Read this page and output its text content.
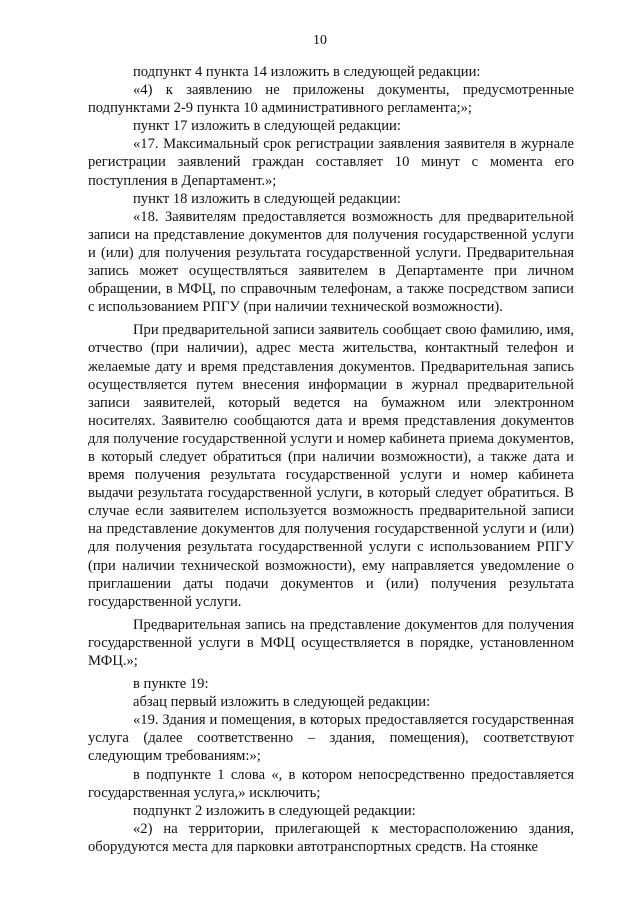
10

подпункт 4 пункта 14 изложить в следующей редакции:

«4) к заявлению не приложены документы, предусмотренные подпунктами 2-9 пункта 10 административного регламента;»;

пункт 17 изложить в следующей редакции:

«17. Максимальный срок регистрации заявления заявителя в журнале регистрации заявлений граждан составляет 10 минут с момента его поступления в Департамент.»;

пункт 18 изложить в следующей редакции:

«18. Заявителям предоставляется возможность для предварительной записи на представление документов для получения государственной услуги и (или) для получения результата государственной услуги. Предварительная запись может осуществляться заявителем в Департаменте при личном обращении, в МФЦ, по справочным телефонам, а также посредством записи с использованием РПГУ (при наличии технической возможности).

При предварительной записи заявитель сообщает свою фамилию, имя, отчество (при наличии), адрес места жительства, контактный телефон и желаемые дату и время представления документов. Предварительная запись осуществляется путем внесения информации в журнал предварительной записи заявителей, который ведется на бумажном или электронном носителях. Заявителю сообщаются дата и время представления документов для получение государственной услуги и номер кабинета приема документов, в который следует обратиться (при наличии возможности), а также дата и время получения результата государственной услуги и номер кабинета выдачи результата государственной услуги, в который следует обратиться. В случае если заявителем используется возможность предварительной записи на представление документов для получения государственной услуги и (или) для получения результата государственной услуги с использованием РПГУ (при наличии технической возможности), ему направляется уведомление о приглашении даты подачи документов и (или) получения результата государственной услуги.

Предварительная запись на представление документов для получения государственной услуги в МФЦ осуществляется в порядке, установленном МФЦ.»;

в пункте 19:

абзац первый изложить в следующей редакции:

«19. Здания и помещения, в которых предоставляется государственная услуга (далее соответственно – здания, помещения), соответствуют следующим требованиям:»;

в подпункте 1 слова «, в котором непосредственно предоставляется государственная услуга,» исключить;

подпункт 2 изложить в следующей редакции:

«2) на территории, прилегающей к месторасположению здания, оборудуются места для парковки автотранспортных средств. На стоянке
